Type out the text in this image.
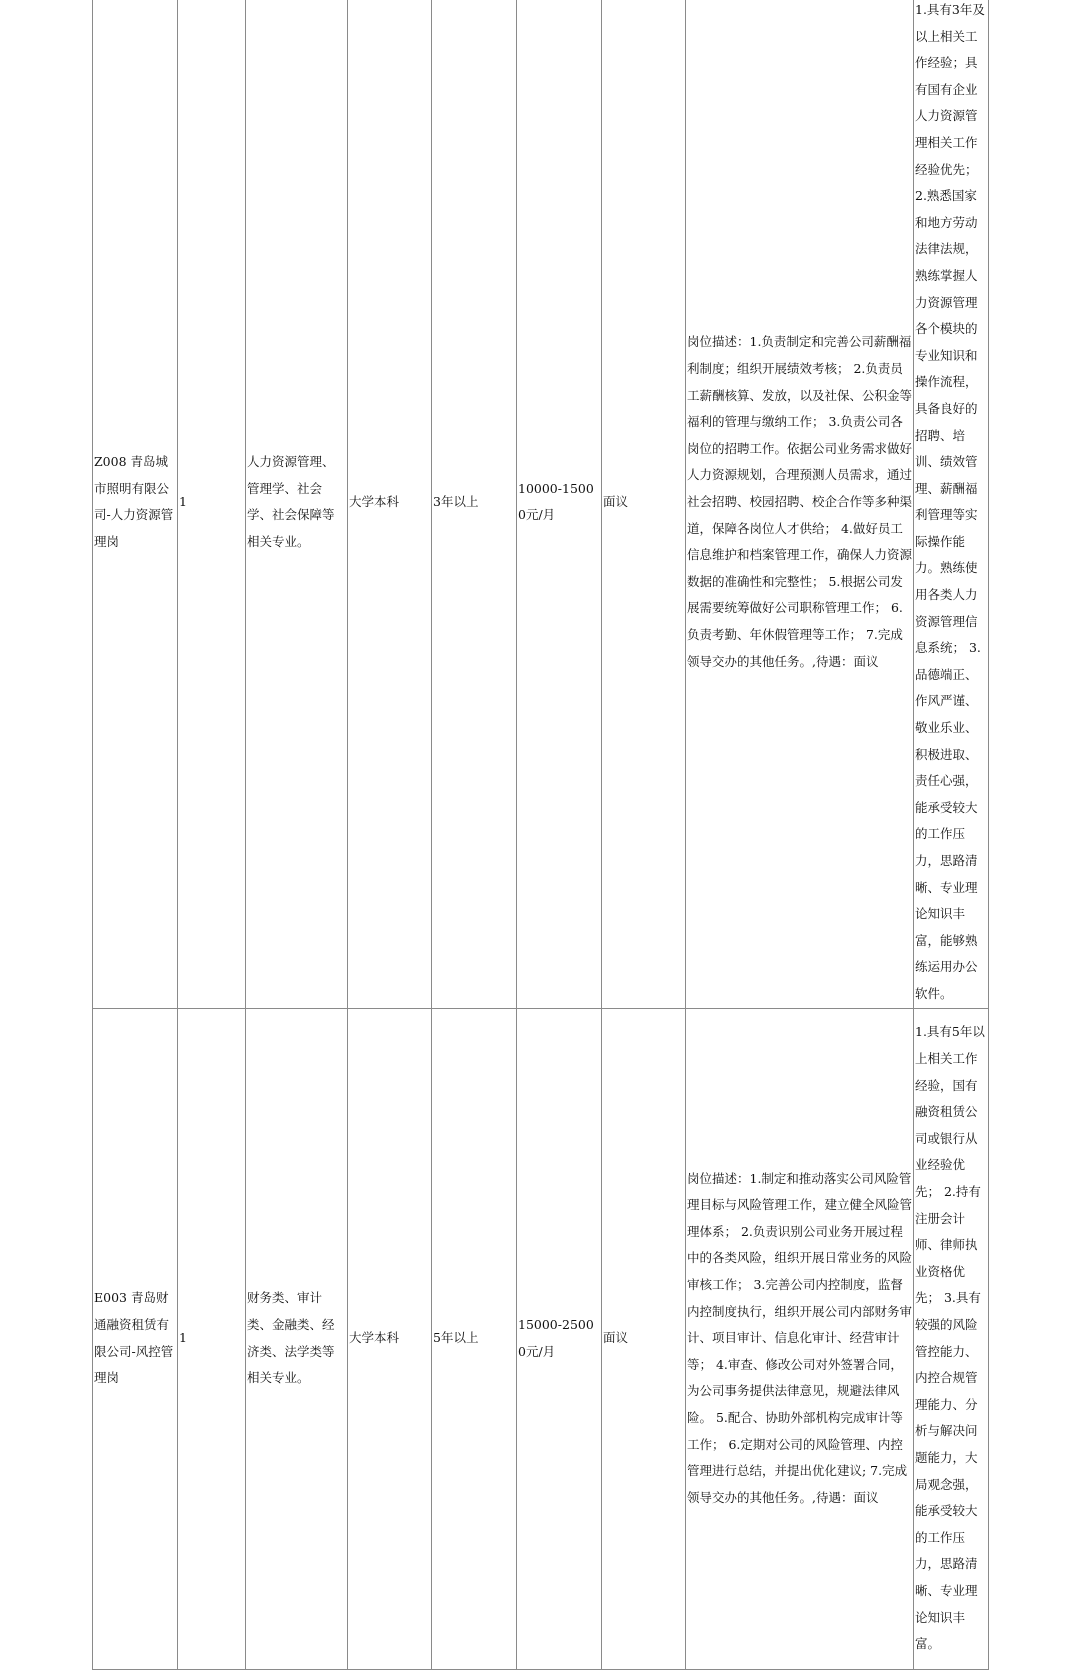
Z008 青岛城市照明有限公司-人力资源管理岗	1	人力资源管理、管理学、社会学、社会保障等相关专业。	大学本科	3年以上	10000-15000元/月	面议	岗位描述：1.负责制定和完善公司薪酬福利制度；组织开展绩效考核； 2.负责员工薪酬核算、发放，以及社保、公积金等福利的管理与缴纳工作； 3.负责公司各岗位的招聘工作。依据公司业务需求做好人力资源规划，合理预测人员需求，通过社会招聘、校园招聘、校企合作等多种渠道，保障各岗位人才供给； 4.做好员工信息维护和档案管理工作，确保人力资源数据的准确性和完整性； 5.根据公司发展需要统筹做好公司职称管理工作； 6.负责考勤、年休假管理等工作； 7.完成领导交办的其他任务。,待遇：面议	1.具有3年及以上相关工作经验；具有国有企业人力资源管理相关工作经验优先； 2.熟悉国家和地方劳动法律法规，熟练掌握人力资源管理各个模块的专业知识和操作流程，具备良好的招聘、培训、绩效管理、薪酬福利管理等实际操作能力。熟练使用各类人力资源管理信息系统； 3.品德端正、作风严谨、敬业乐业、积极进取、责任心强，能承受较大的工作压力，思路清晰、专业理论知识丰富，能够熟练运用办公软件。
E003 青岛财通融资租赁有限公司-风控管理岗	1	财务类、审计类、金融类、经济类、法学类等相关专业。	大学本科	5年以上	15000-25000元/月	面议	岗位描述：1.制定和推动落实公司风险管理目标与风险管理工作，建立健全风险管理体系； 2.负责识别公司业务开展过程中的各类风险，组织开展日常业务的风险审核工作； 3.完善公司内控制度，监督内控制度执行，组织开展公司内部财务审计、项目审计、信息化审计、经营审计等； 4.审查、修改公司对外签署合同，为公司事务提供法律意见，规避法律风险。 5.配合、协助外部机构完成审计等工作； 6.定期对公司的风险管理、内控管理进行总结，并提出优化建议; 7.完成领导交办的其他任务。,待遇：面议	1.具有5年以上相关工作经验，国有融资租赁公司或银行从业经验优先； 2.持有注册会计师、律师执业资格优先； 3.具有较强的风险管控能力、内控合规管理能力、分析与解决问题能力，大局观念强，能承受较大的工作压力，思路清晰、专业理论知识丰富。
